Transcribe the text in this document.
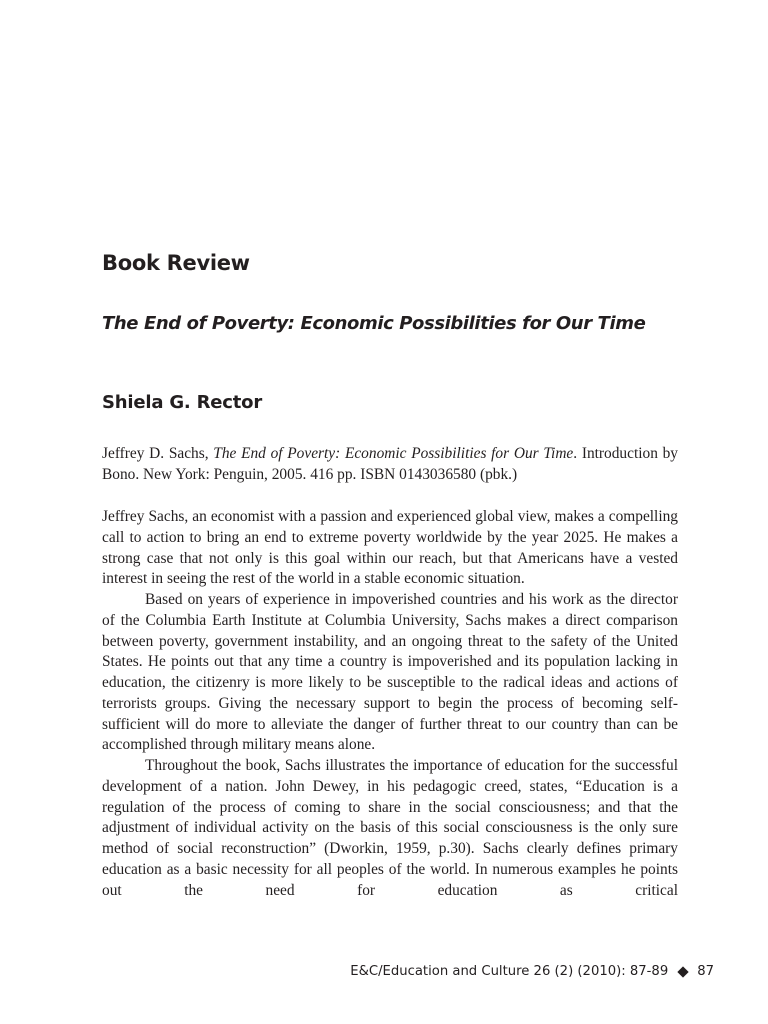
Book Review
The End of Poverty: Economic Possibilities for Our Time
Shiela G. Rector

Jeffrey D. Sachs, The End of Poverty: Economic Possibilities for Our Time. Introduction by Bono. New York: Penguin, 2005. 416 pp. ISBN 0143036580 (pbk.)

Jeffrey Sachs, an economist with a passion and experienced global view, makes a compelling call to action to bring an end to extreme poverty worldwide by the year 2025. He makes a strong case that not only is this goal within our reach, but that Americans have a vested interest in seeing the rest of the world in a stable economic situation.

Based on years of experience in impoverished countries and his work as the director of the Columbia Earth Institute at Columbia University, Sachs makes a direct comparison between poverty, government instability, and an ongoing threat to the safety of the United States. He points out that any time a country is impoverished and its population lacking in education, the citizenry is more likely to be susceptible to the radical ideas and actions of terrorists groups. Giving the necessary support to begin the process of becoming self-sufficient will do more to alleviate the danger of further threat to our country than can be accomplished through military means alone.

Throughout the book, Sachs illustrates the importance of education for the successful development of a nation. John Dewey, in his pedagogic creed, states, “Education is a regulation of the process of coming to share in the social consciousness; and that the adjustment of individual activity on the basis of this social consciousness is the only sure method of social reconstruction” (Dworkin, 1959, p.30). Sachs clearly defines primary education as a basic necessity for all peoples of the world. In numerous examples he points out the need for education as critical

E&C/Education and Culture 26 (2) (2010): 87-89 87
